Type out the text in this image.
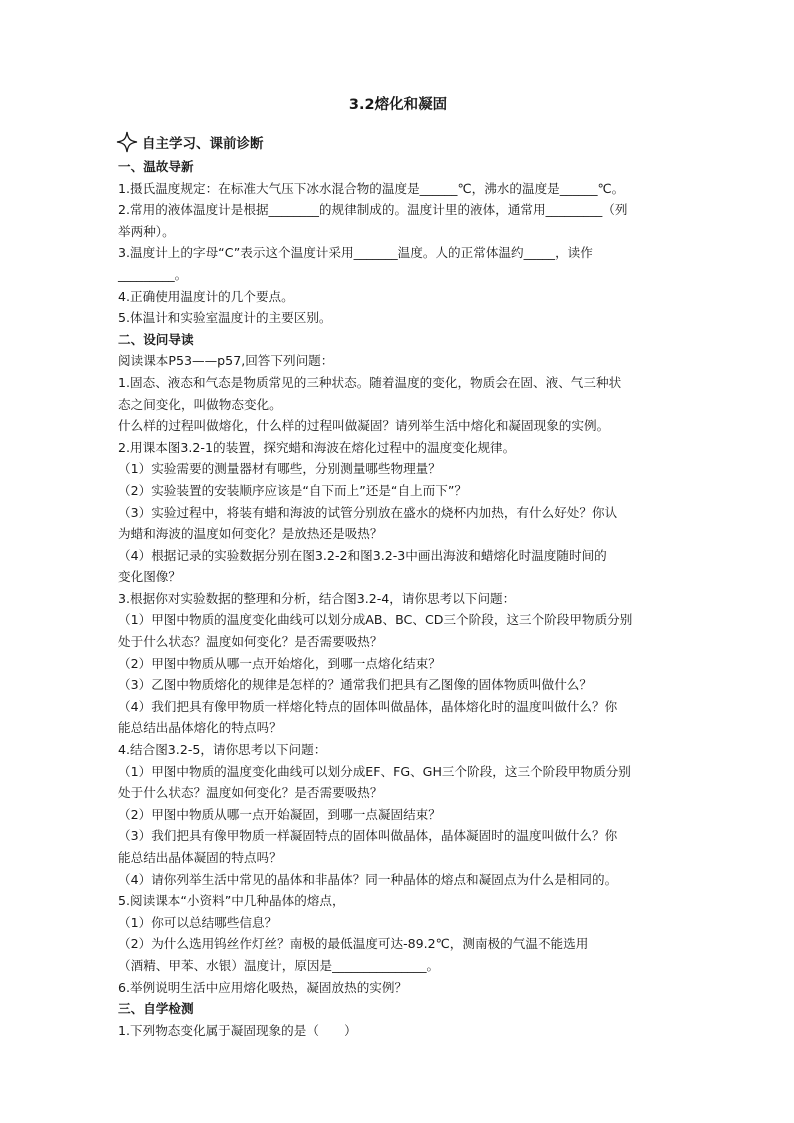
3.2熔化和凝固
自主学习、课前诊断
一、温故导新
1.摄氏温度规定：在标准大气压下冰水混合物的温度是______℃，沸水的温度是______℃。
2.常用的液体温度计是根据________的规律制成的。温度计里的液体，通常用_________（列
举两种）。
3.温度计上的字母“C”表示这个温度计采用_______温度。人的正常体温约_____，读作
_________。
4.正确使用温度计的几个要点。
5.体温计和实验室温度计的主要区别。
二、设问导读
阅读课本P53——p57,回答下列问题：
1.固态、液态和气态是物质常见的三种状态。随着温度的变化，物质会在固、液、气三种状
态之间变化，叫做物态变化。
什么样的过程叫做熔化，什么样的过程叫做凝固？请列举生活中熔化和凝固现象的实例。
2.用课本图3.2-1的装置，探究蜡和海波在熔化过程中的温度变化规律。
（1）实验需要的测量器材有哪些，分别测量哪些物理量？
（2）实验装置的安装顺序应该是“自下而上”还是“自上而下”？
（3）实验过程中，将装有蜡和海波的试管分别放在盛水的烧杯内加热，有什么好处？你认
为蜡和海波的温度如何变化？是放热还是吸热？
（4）根据记录的实验数据分别在图3.2-2和图3.2-3中画出海波和蜡熔化时温度随时间的
变化图像？
3.根据你对实验数据的整理和分析，结合图3.2-4，请你思考以下问题：
（1）甲图中物质的温度变化曲线可以划分成AB、BC、CD三个阶段，这三个阶段甲物质分别
处于什么状态？温度如何变化？是否需要吸热？
（2）甲图中物质从哪一点开始熔化，到哪一点熔化结束？
（3）乙图中物质熔化的规律是怎样的？通常我们把具有乙图像的固体物质叫做什么？
（4）我们把具有像甲物质一样熔化特点的固体叫做晶体，晶体熔化时的温度叫做什么？你
能总结出晶体熔化的特点吗？
4.结合图3.2-5，请你思考以下问题：
（1）甲图中物质的温度变化曲线可以划分成EF、FG、GH三个阶段，这三个阶段甲物质分别
处于什么状态？温度如何变化？是否需要吸热？
（2）甲图中物质从哪一点开始凝固，到哪一点凝固结束？
（3）我们把具有像甲物质一样凝固特点的固体叫做晶体，晶体凝固时的温度叫做什么？你
能总结出晶体凝固的特点吗？
（4）请你列举生活中常见的晶体和非晶体？同一种晶体的熔点和凝固点为什么是相同的。
5.阅读课本“小资料”中几种晶体的熔点，
（1）你可以总结哪些信息？
（2）为什么选用钨丝作灯丝？南极的最低温度可达-89.2℃，测南极的气温不能选用
（酒精、甲苯、水银）温度计，原因是_______________。
6.举例说明生活中应用熔化吸热，凝固放热的实例？
三、自学检测
1.下列物态变化属于凝固现象的是（　　）
